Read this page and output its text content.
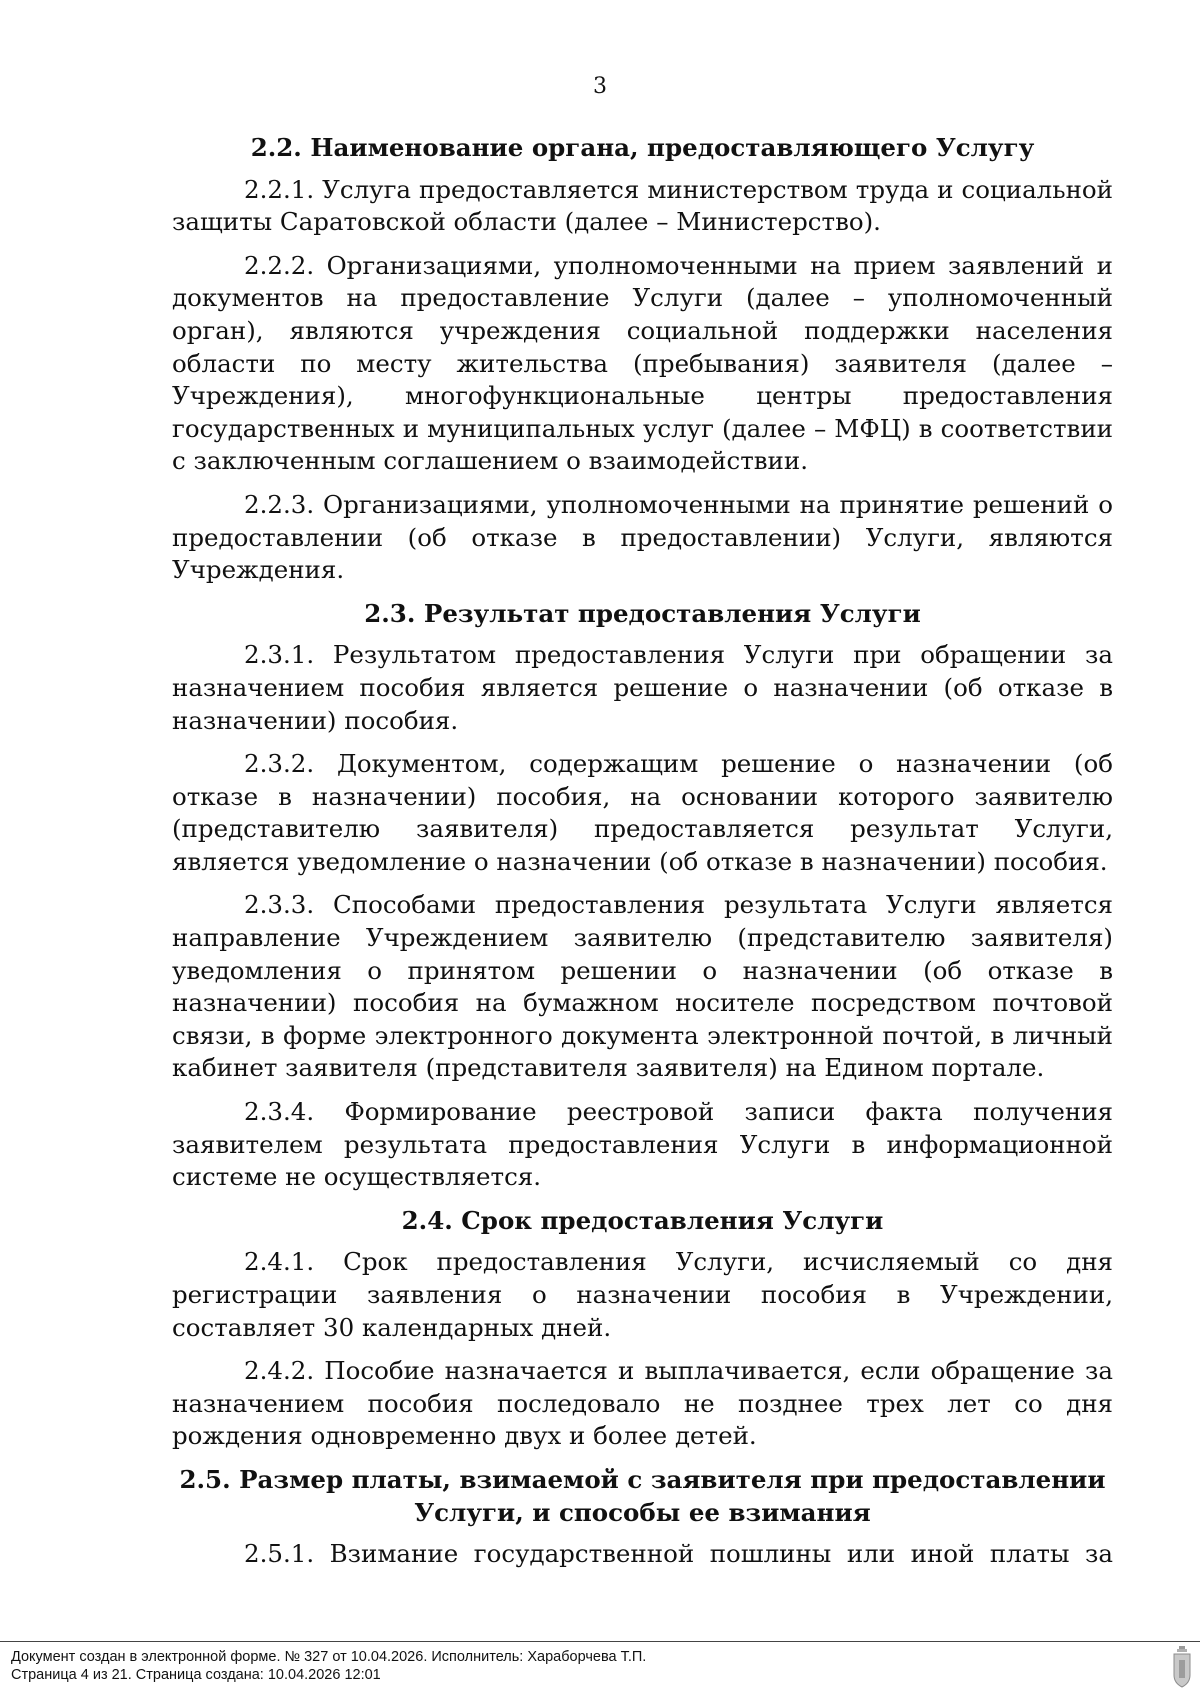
3
2.2. Наименование органа, предоставляющего Услугу

2.2.1. Услуга предоставляется министерством труда и социальной защиты Саратовской области (далее – Министерство).

2.2.2. Организациями, уполномоченными на прием заявлений и документов на предоставление Услуги (далее – уполномоченный орган), являются учреждения социальной поддержки населения области по месту жительства (пребывания) заявителя (далее – Учреждения), многофункциональные центры предоставления государственных и муниципальных услуг (далее – МФЦ) в соответствии с заключенным соглашением о взаимодействии.

2.2.3. Организациями, уполномоченными на принятие решений о предоставлении (об отказе в предоставлении) Услуги, являются Учреждения.

2.3. Результат предоставления Услуги

2.3.1. Результатом предоставления Услуги при обращении за назначением пособия является решение о назначении (об отказе в назначении) пособия.

2.3.2. Документом, содержащим решение о назначении (об отказе в назначении) пособия, на основании которого заявителю (представителю заявителя) предоставляется результат Услуги, является уведомление о назначении (об отказе в назначении) пособия.

2.3.3. Способами предоставления результата Услуги является направление Учреждением заявителю (представителю заявителя) уведомления о принятом решении о назначении (об отказе в назначении) пособия на бумажном носителе посредством почтовой связи, в форме электронного документа электронной почтой, в личный кабинет заявителя (представителя заявителя) на Едином портале.

2.3.4. Формирование реестровой записи факта получения заявителем результата предоставления Услуги в информационной системе не осуществляется.

2.4. Срок предоставления Услуги

2.4.1. Срок предоставления Услуги, исчисляемый со дня регистрации заявления о назначении пособия в Учреждении, составляет 30 календарных дней.

2.4.2. Пособие назначается и выплачивается, если обращение за назначением пособия последовало не позднее трех лет со дня рождения одновременно двух и более детей.

2.5. Размер платы, взимаемой с заявителя при предоставлении Услуги, и способы ее взимания

2.5.1. Взимание государственной пошлины или иной платы за

Документ создан в электронной форме. № 327 от 10.04.2026. Исполнитель: Хараборчева Т.П.
Страница 4 из 21. Страница создана: 10.04.2026 12:01
